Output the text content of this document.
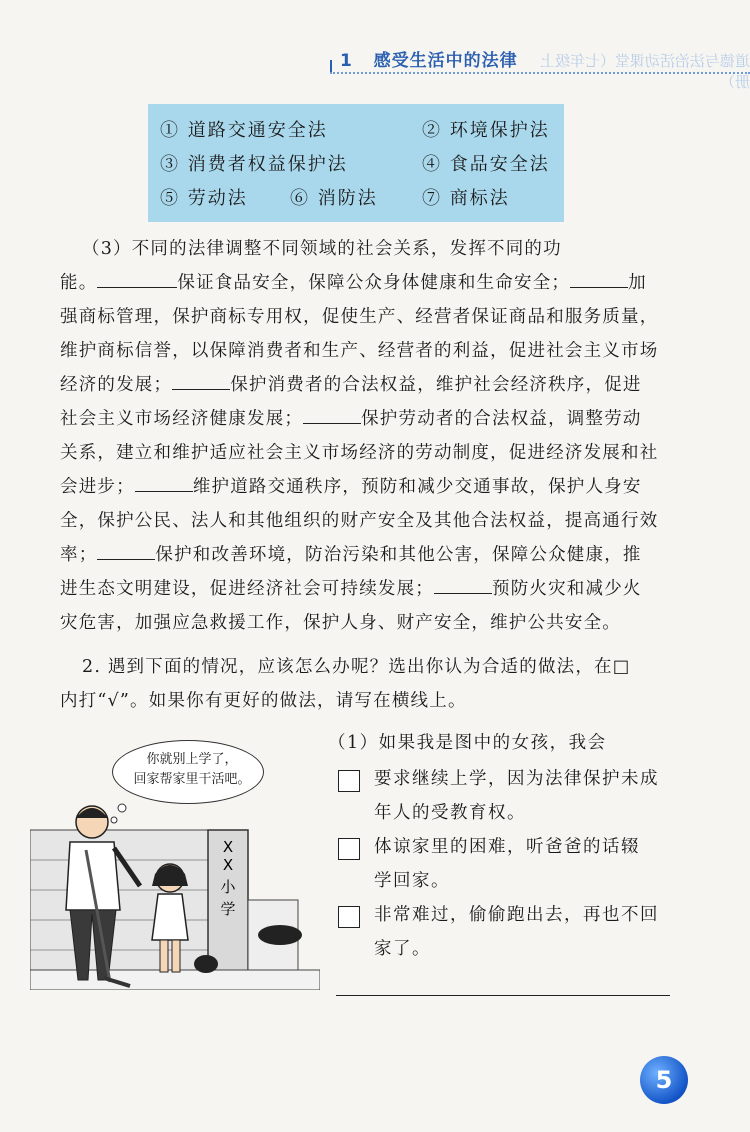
1 感受生活中的法律	道德与法治活动课堂（七年级上册）
① 道路交通安全法	② 环境保护法
③ 消费者权益保护法	④ 食品安全法
⑤ 劳动法 ⑥ 消防法 ⑦ 商标法
（3）不同的法律调整不同领域的社会关系，发挥不同的功
能。	保证食品安全，保障公众身体健康和生命安全；	加
强商标管理，保护商标专用权，促使生产、经营者保证商品和服务质量，
维护商标信誉，以保障消费者和生产、经营者的利益，促进社会主义市场
经济的发展；	保护消费者的合法权益，维护社会经济秩序，促进
社会主义市场经济健康发展；	保护劳动者的合法权益，调整劳动
关系，建立和维护适应社会主义市场经济的劳动制度，促进经济发展和社
会进步；	维护道路交通秩序，预防和减少交通事故，保护人身安
全，保护公民、法人和其他组织的财产安全及其他合法权益，提高通行效
率；	保护和改善环境，防治污染和其他公害，保障公众健康，推
进生态文明建设，促进经济社会可持续发展；	预防火灾和减少火
灾危害，加强应急救援工作，保护人身、财产安全，维护公共安全。
2. 遇到下面的情况，应该怎么办呢？选出你认为合适的做法，在□
内打“√”。如果你有更好的做法，请写在横线上。
你就别上学了，
回家帮家里干活吧。
X
X
小
学
（1）如果我是图中的女孩，我会
要求继续上学，因为法律保护未成
年人的受教育权。
体谅家里的困难，听爸爸的话辍
学回家。
非常难过，偷偷跑出去，再也不回
家了。
5
